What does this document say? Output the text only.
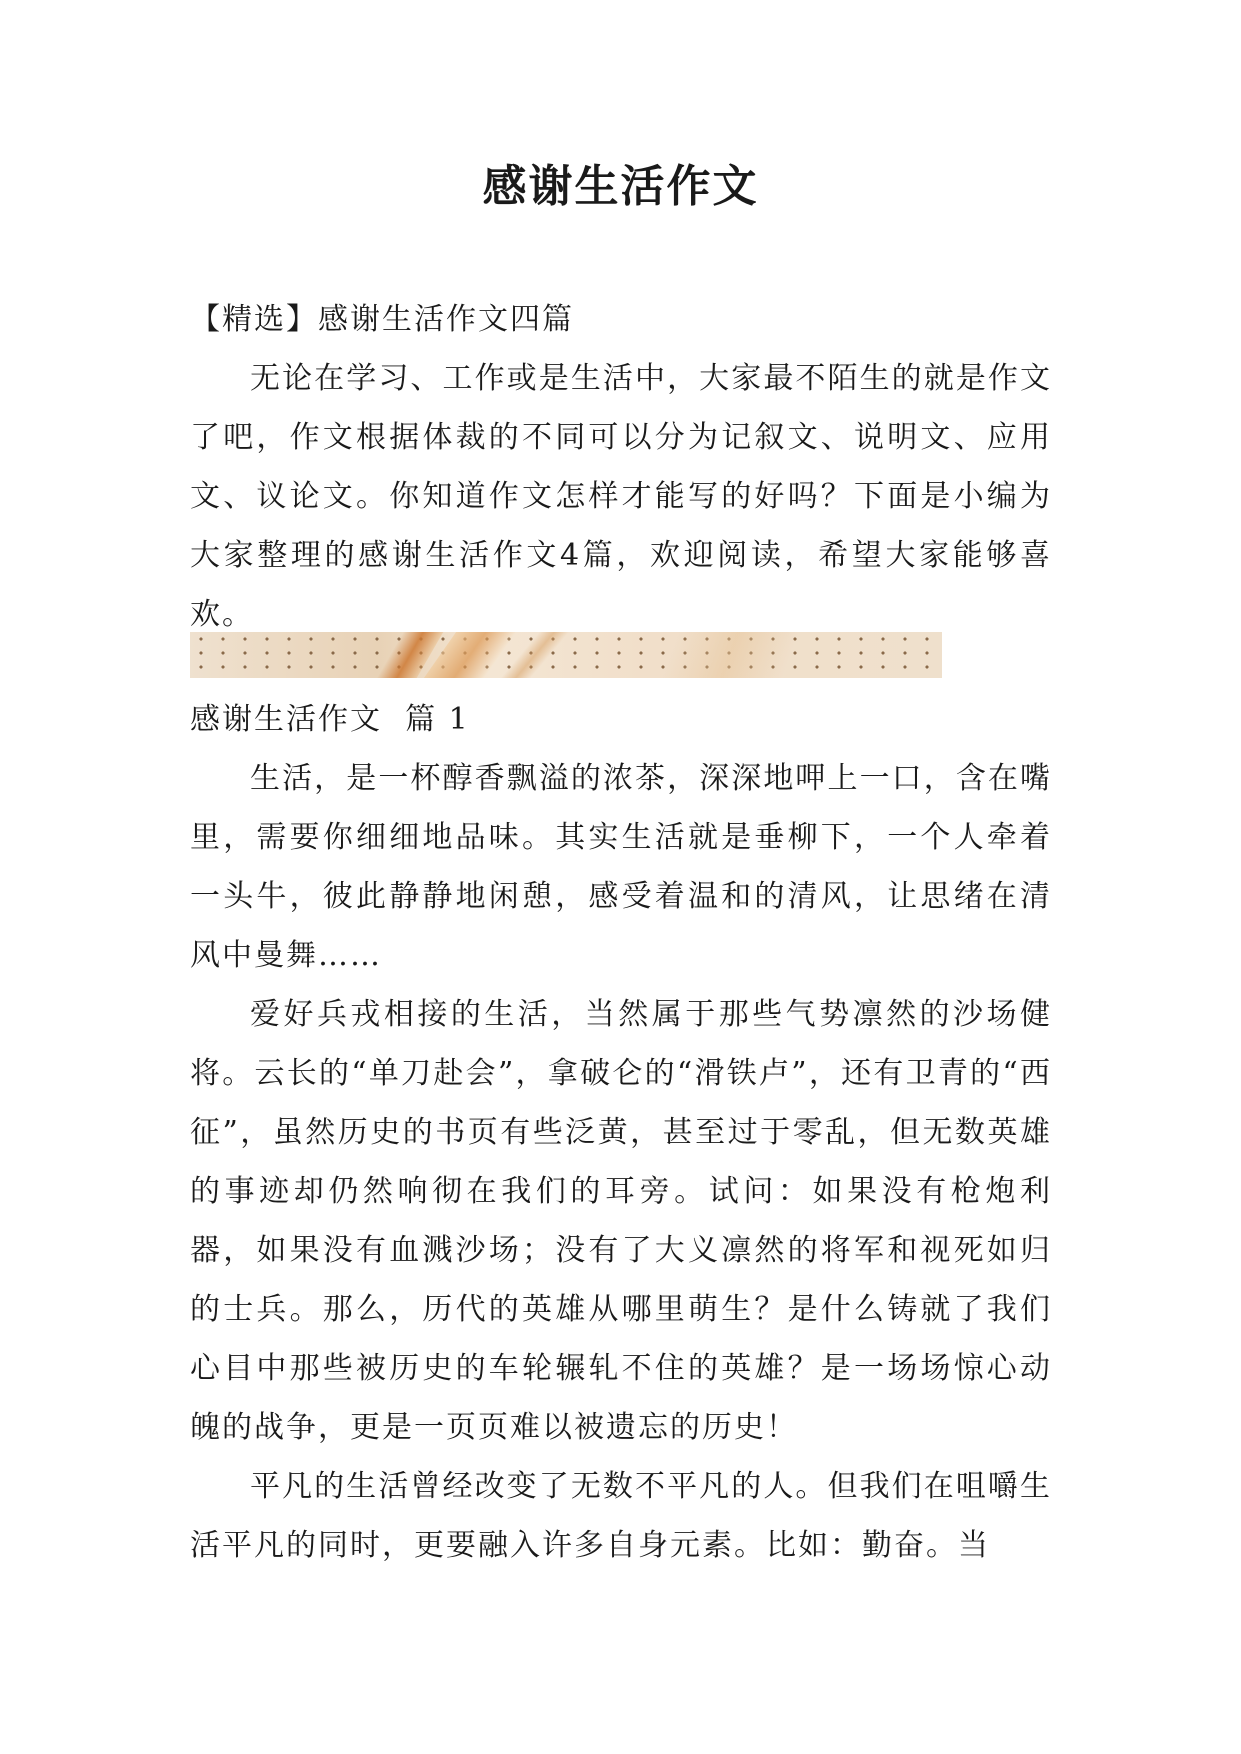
感谢生活作文
【精选】感谢生活作文四篇

无论在学习、工作或是生活中，大家最不陌生的就是作文了吧，作文根据体裁的不同可以分为记叙文、说明文、应用文、议论文。你知道作文怎样才能写的好吗？下面是小编为大家整理的感谢生活作文4篇，欢迎阅读，希望大家能够喜欢。

感谢生活作文  篇 1

生活，是一杯醇香飘溢的浓茶，深深地呷上一口，含在嘴里，需要你细细地品味。其实生活就是垂柳下，一个人牵着一头牛，彼此静静地闲憩，感受着温和的清风，让思绪在清风中曼舞……

爱好兵戎相接的生活，当然属于那些气势凛然的沙场健将。云长的“单刀赴会”，拿破仑的“滑铁卢”，还有卫青的“西征”，虽然历史的书页有些泛黄，甚至过于零乱，但无数英雄的事迹却仍然响彻在我们的耳旁。试问：如果没有枪炮利器，如果没有血溅沙场；没有了大义凛然的将军和视死如归的士兵。那么，历代的英雄从哪里萌生？是什么铸就了我们心目中那些被历史的车轮辗轧不住的英雄？是一场场惊心动魄的战争，更是一页页难以被遗忘的历史！

平凡的生活曾经改变了无数不平凡的人。但我们在咀嚼生活平凡的同时，更要融入许多自身元素。比如：勤奋。当
